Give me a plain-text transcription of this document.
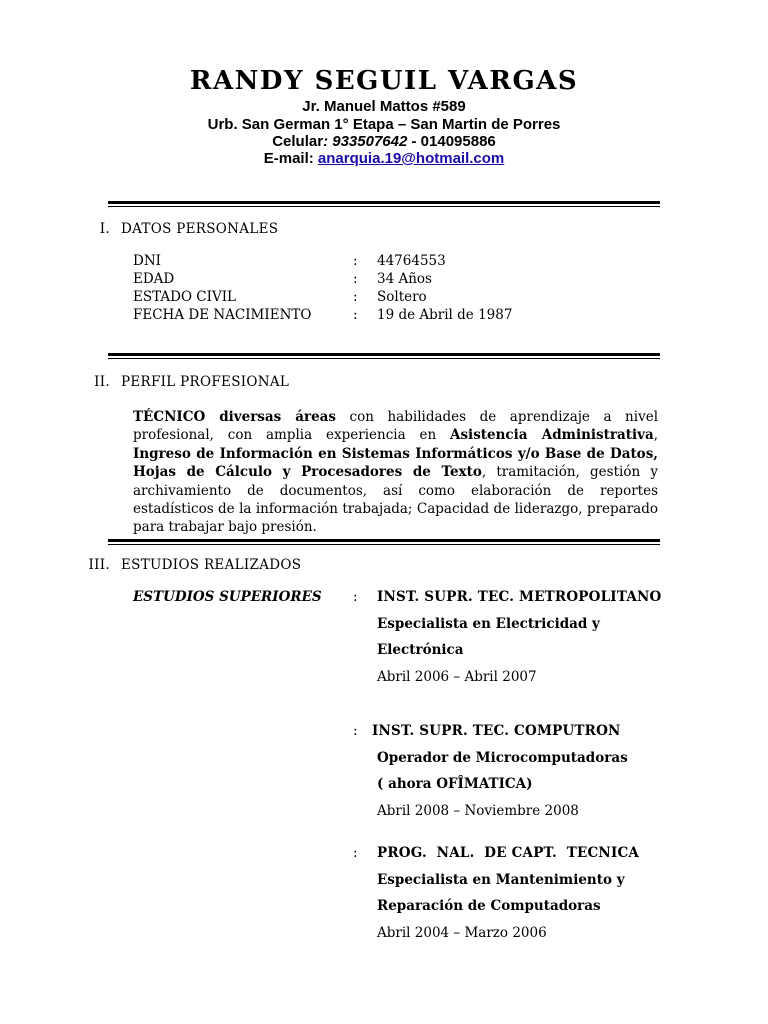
RANDY SEGUIL VARGAS
Jr. Manuel Mattos #589
Urb. San German 1° Etapa – San Martin de Porres
Celular: 933507642 - 014095886
E-mail: anarquia.19@hotmail.com
I. DATOS PERSONALES
DNI	: 44764553
EDAD	: 34 Años
ESTADO CIVIL	: Soltero
FECHA DE NACIMIENTO	: 19 de Abril de 1987
II. PERFIL PROFESIONAL
TÉCNICO diversas áreas con habilidades de aprendizaje a nivel profesional, con amplia experiencia en Asistencia Administrativa, Ingreso de Información en Sistemas Informáticos y/o Base de Datos, Hojas de Cálculo y Procesadores de Texto, tramitación, gestión y archivamiento de documentos, así como elaboración de reportes estadísticos de la información trabajada; Capacidad de liderazgo, preparado para trabajar bajo presión.
III. ESTUDIOS REALIZADOS
ESTUDIOS SUPERIORES : INST. SUPR. TEC. METROPOLITANO
Especialista en Electricidad y
Electrónica
Abril 2006 – Abril 2007
: INST. SUPR. TEC. COMPUTRON
Operador de Microcomputadoras
( ahora OFÎMATICA)
Abril 2008 – Noviembre 2008
: PROG.  NAL.  DE CAPT.  TECNICA
Especialista en Mantenimiento y
Reparación de Computadoras
Abril 2004 – Marzo 2006
